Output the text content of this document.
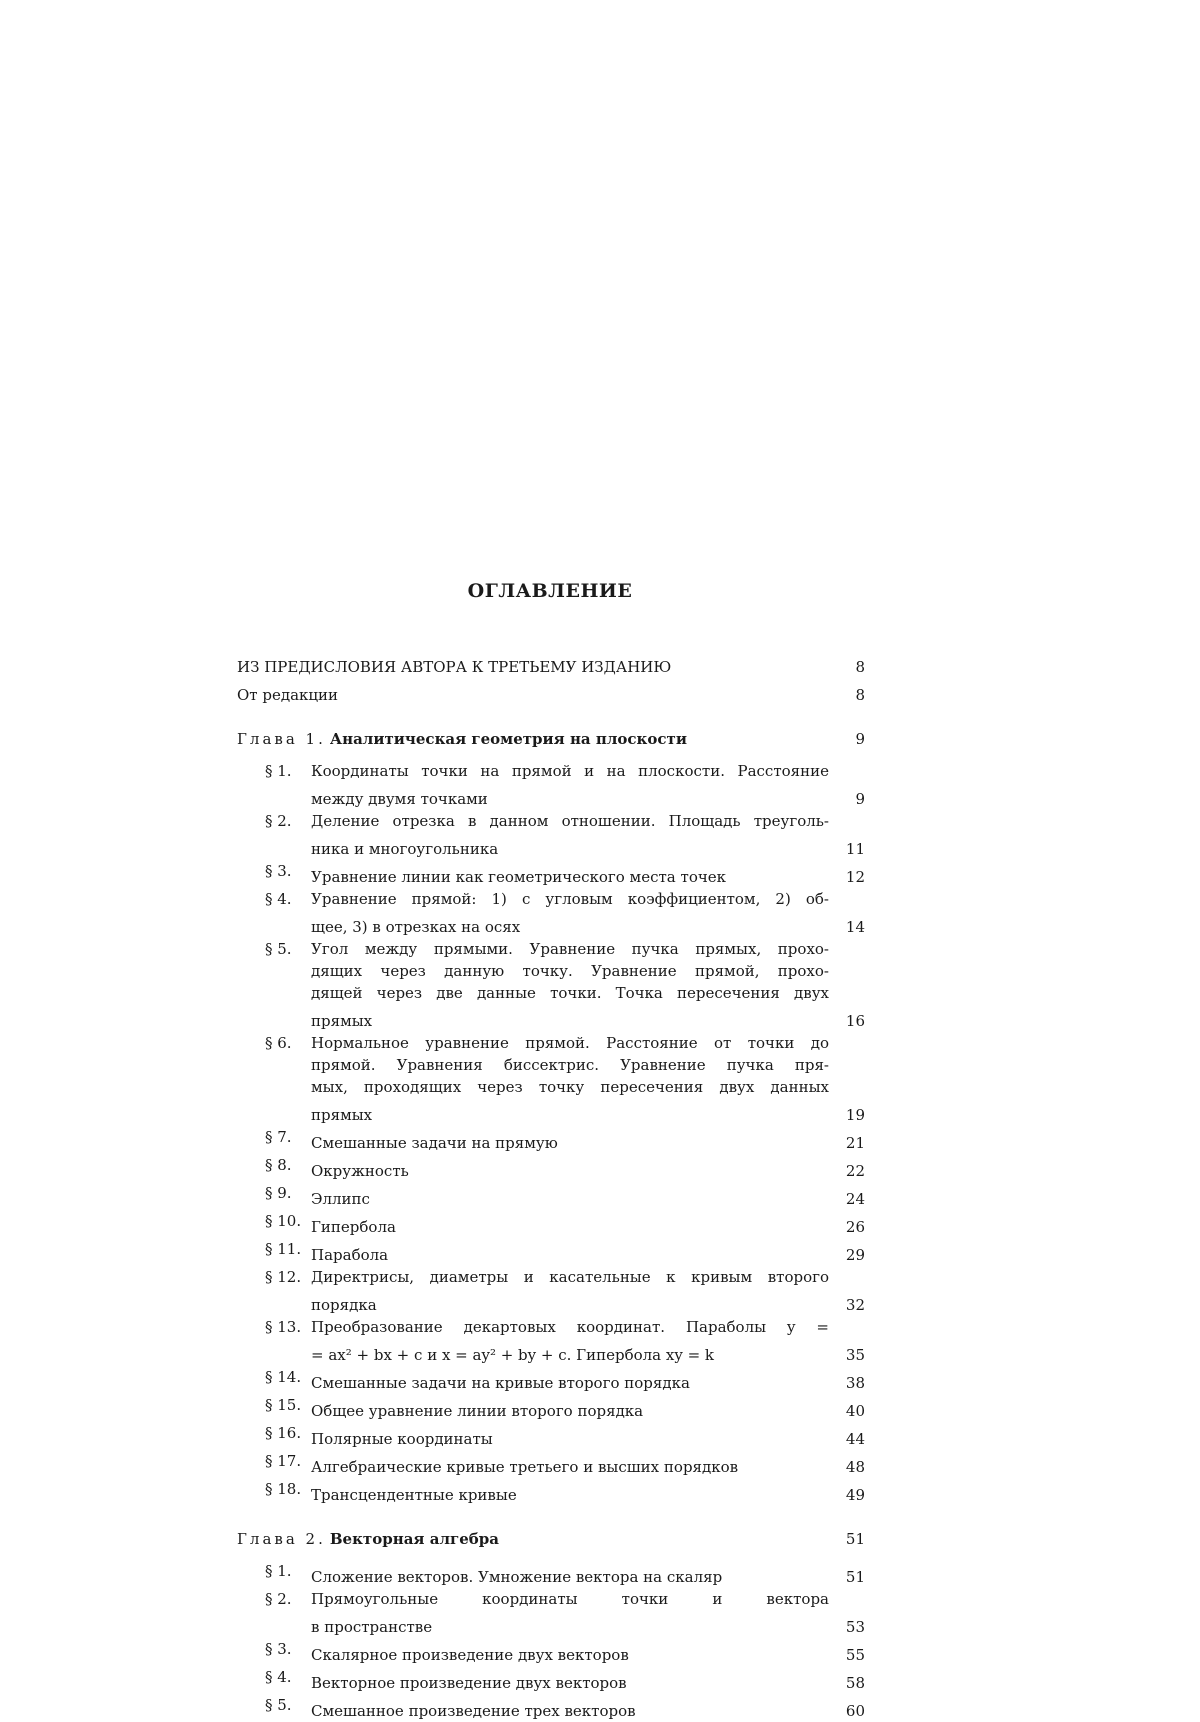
ОГЛАВЛЕНИЕ
ИЗ ПРЕДИСЛОВИЯ АВТОРА К ТРЕТЬЕМУ ИЗДАНИЮ	8
От редакции	8
Глава 1. Аналитическая геометрия на плоскости	9
§ 1.	Координаты точки на прямой и на плоскости. Расстояние
между двумя точками	9
§ 2.	Деление отрезка в данном отношении. Площадь треуголь-
ника и многоугольника	11
§ 3.	Уравнение линии как геометрического места точек	12
§ 4.	Уравнение прямой: 1) с угловым коэффициентом, 2) об-
щее, 3) в отрезках на осях	14
§ 5.	Угол между прямыми. Уравнение пучка прямых, прохо-
дящих через данную точку. Уравнение прямой, прохо-
дящей через две данные точки. Точка пересечения двух
прямых	16
§ 6.	Нормальное уравнение прямой. Расстояние от точки до
прямой. Уравнения биссектрис. Уравнение пучка пря-
мых, проходящих через точку пересечения двух данных
прямых	19
§ 7.	Смешанные задачи на прямую	21
§ 8.	Окружность	22
§ 9.	Эллипс	24
§ 10. Гипербола	26
§ 11. Парабола	29
§ 12. Директрисы, диаметры и касательные к кривым второго
порядка	32
§ 13. Преобразование декартовых координат. Параболы y =
= ax² + bx + c и x = ay² + by + c. Гипербола xy = k	35
§ 14. Смешанные задачи на кривые второго порядка	38
§ 15. Общее уравнение линии второго порядка	40
§ 16. Полярные координаты	44
§ 17. Алгебраические кривые третьего и высших порядков	48
§ 18. Трансцендентные кривые	49
Глава 2. Векторная алгебра	51
§ 1.	Сложение векторов. Умножение вектора на скаляр	51
§ 2.	Прямоугольные координаты точки и вектора
в пространстве	53
§ 3.	Скалярное произведение двух векторов	55
§ 4.	Векторное произведение двух векторов	58
§ 5.	Смешанное произведение трех векторов	60
